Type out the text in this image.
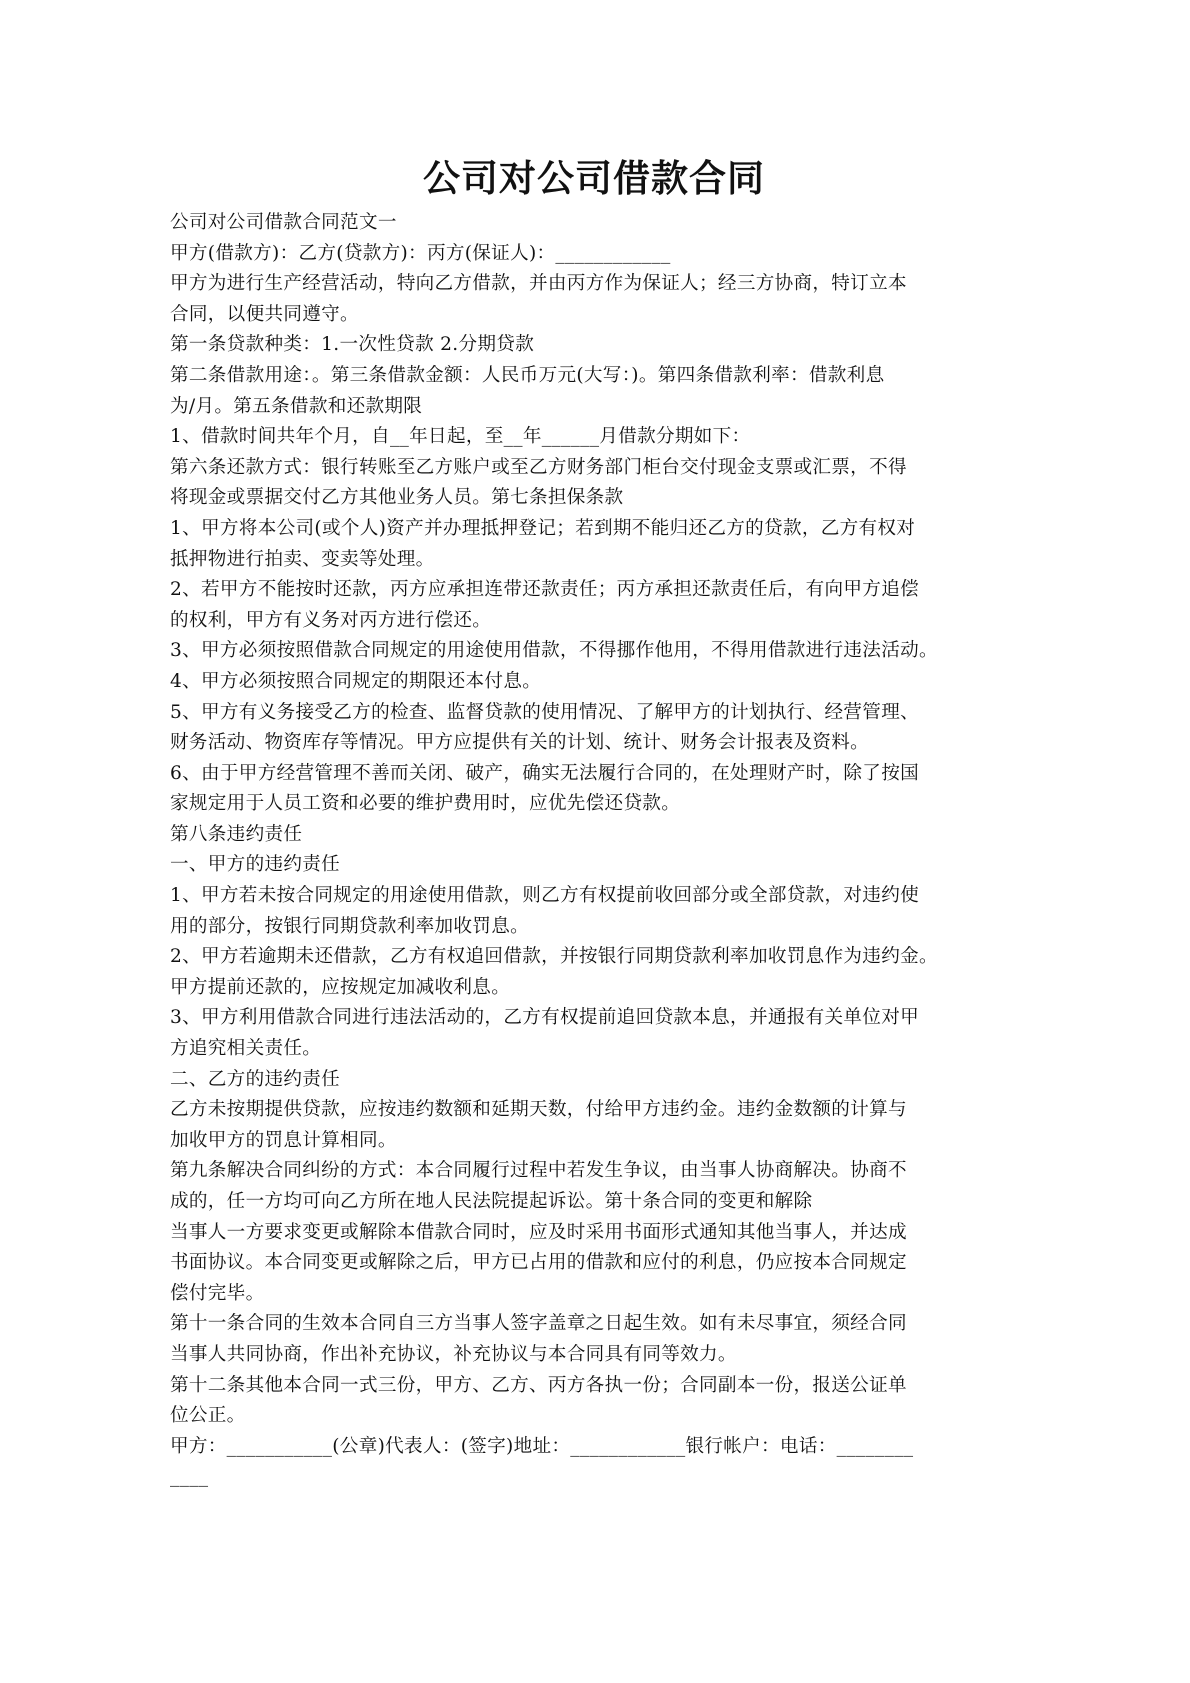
公司对公司借款合同
公司对公司借款合同范文一
甲方(借款方)：乙方(贷款方)：丙方(保证人)：____________
甲方为进行生产经营活动，特向乙方借款，并由丙方作为保证人；经三方协商，特订立本
合同，以便共同遵守。
第一条贷款种类：1.一次性贷款 2.分期贷款
第二条借款用途：。第三条借款金额：人民币万元(大写：)。第四条借款利率：借款利息
为/月。第五条借款和还款期限
1、借款时间共年个月，自__年日起，至__年______月借款分期如下：
第六条还款方式：银行转账至乙方账户或至乙方财务部门柜台交付现金支票或汇票，不得
将现金或票据交付乙方其他业务人员。第七条担保条款
1、甲方将本公司(或个人)资产并办理抵押登记；若到期不能归还乙方的贷款，乙方有权对
抵押物进行拍卖、变卖等处理。
2、若甲方不能按时还款，丙方应承担连带还款责任；丙方承担还款责任后，有向甲方追偿
的权利，甲方有义务对丙方进行偿还。
3、甲方必须按照借款合同规定的用途使用借款，不得挪作他用，不得用借款进行违法活动。
4、甲方必须按照合同规定的期限还本付息。
5、甲方有义务接受乙方的检查、监督贷款的使用情况、了解甲方的计划执行、经营管理、
财务活动、物资库存等情况。甲方应提供有关的计划、统计、财务会计报表及资料。
6、由于甲方经营管理不善而关闭、破产，确实无法履行合同的，在处理财产时，除了按国
家规定用于人员工资和必要的维护费用时，应优先偿还贷款。
第八条违约责任
一、甲方的违约责任
1、甲方若未按合同规定的用途使用借款，则乙方有权提前收回部分或全部贷款，对违约使
用的部分，按银行同期贷款利率加收罚息。
2、甲方若逾期未还借款，乙方有权追回借款，并按银行同期贷款利率加收罚息作为违约金。
甲方提前还款的，应按规定加减收利息。
3、甲方利用借款合同进行违法活动的，乙方有权提前追回贷款本息，并通报有关单位对甲
方追究相关责任。
二、乙方的违约责任
乙方未按期提供贷款，应按违约数额和延期天数，付给甲方违约金。违约金数额的计算与
加收甲方的罚息计算相同。
第九条解决合同纠纷的方式：本合同履行过程中若发生争议，由当事人协商解决。协商不
成的，任一方均可向乙方所在地人民法院提起诉讼。第十条合同的变更和解除
当事人一方要求变更或解除本借款合同时，应及时采用书面形式通知其他当事人，并达成
书面协议。本合同变更或解除之后，甲方已占用的借款和应付的利息，仍应按本合同规定
偿付完毕。
第十一条合同的生效本合同自三方当事人签字盖章之日起生效。如有未尽事宜，须经合同
当事人共同协商，作出补充协议，补充协议与本合同具有同等效力。
第十二条其他本合同一式三份，甲方、乙方、丙方各执一份；合同副本一份，报送公证单
位公正。
甲方：___________(公章)代表人：(签字)地址：____________银行帐户：电话：________
____
